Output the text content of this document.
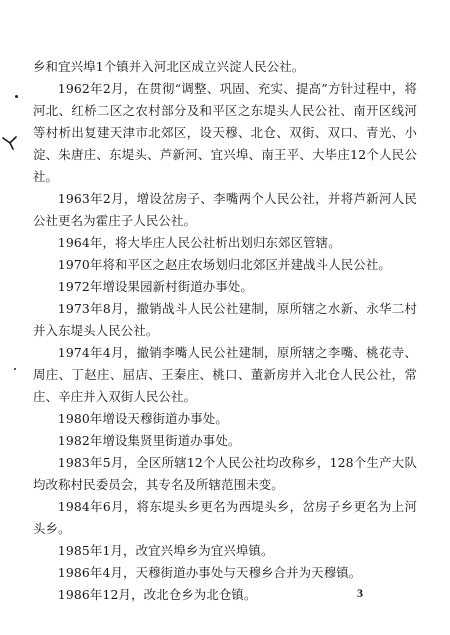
乡和宜兴埠1个镇并入河北区成立兴淀人民公社。

1962年2月，在贯彻“调整、巩固、充实、提高”方针过程中，将河北、红桥二区之农村部分及和平区之东堤头人民公社、南开区线河等村析出复建天津市北郊区，设天穆、北仓、双街、双口、青光、小淀、朱唐庄、东堤头、芦新河、宜兴埠、南王平、大毕庄12个人民公社。

1963年2月，增设岔房子、李嘴两个人民公社，并将芦新河人民公社更名为霍庄子人民公社。

1964年，将大毕庄人民公社析出划归东郊区管辖。

1970年将和平区之赵庄农场划归北郊区并建战斗人民公社。

1972年增设果园新村街道办事处。

1973年8月，撤销战斗人民公社建制，原所辖之水新、永华二村并入东堤头人民公社。

1974年4月，撤销李嘴人民公社建制，原所辖之李嘴、桃花寺、周庄、丁赵庄、屈店、王秦庄、桃口、董新房并入北仓人民公社，常庄、辛庄并入双街人民公社。

1980年增设天穆街道办事处。

1982年增设集贤里街道办事处。

1983年5月，全区所辖12个人民公社均改称乡，128个生产大队均改称村民委员会，其专名及所辖范围未变。

1984年6月，将东堤头乡更名为西堤头乡，岔房子乡更名为上河头乡。

1985年1月，改宜兴埠乡为宜兴埠镇。

1986年4月，天穆街道办事处与天穆乡合并为天穆镇。

1986年12月，改北仓乡为北仓镇。	3
